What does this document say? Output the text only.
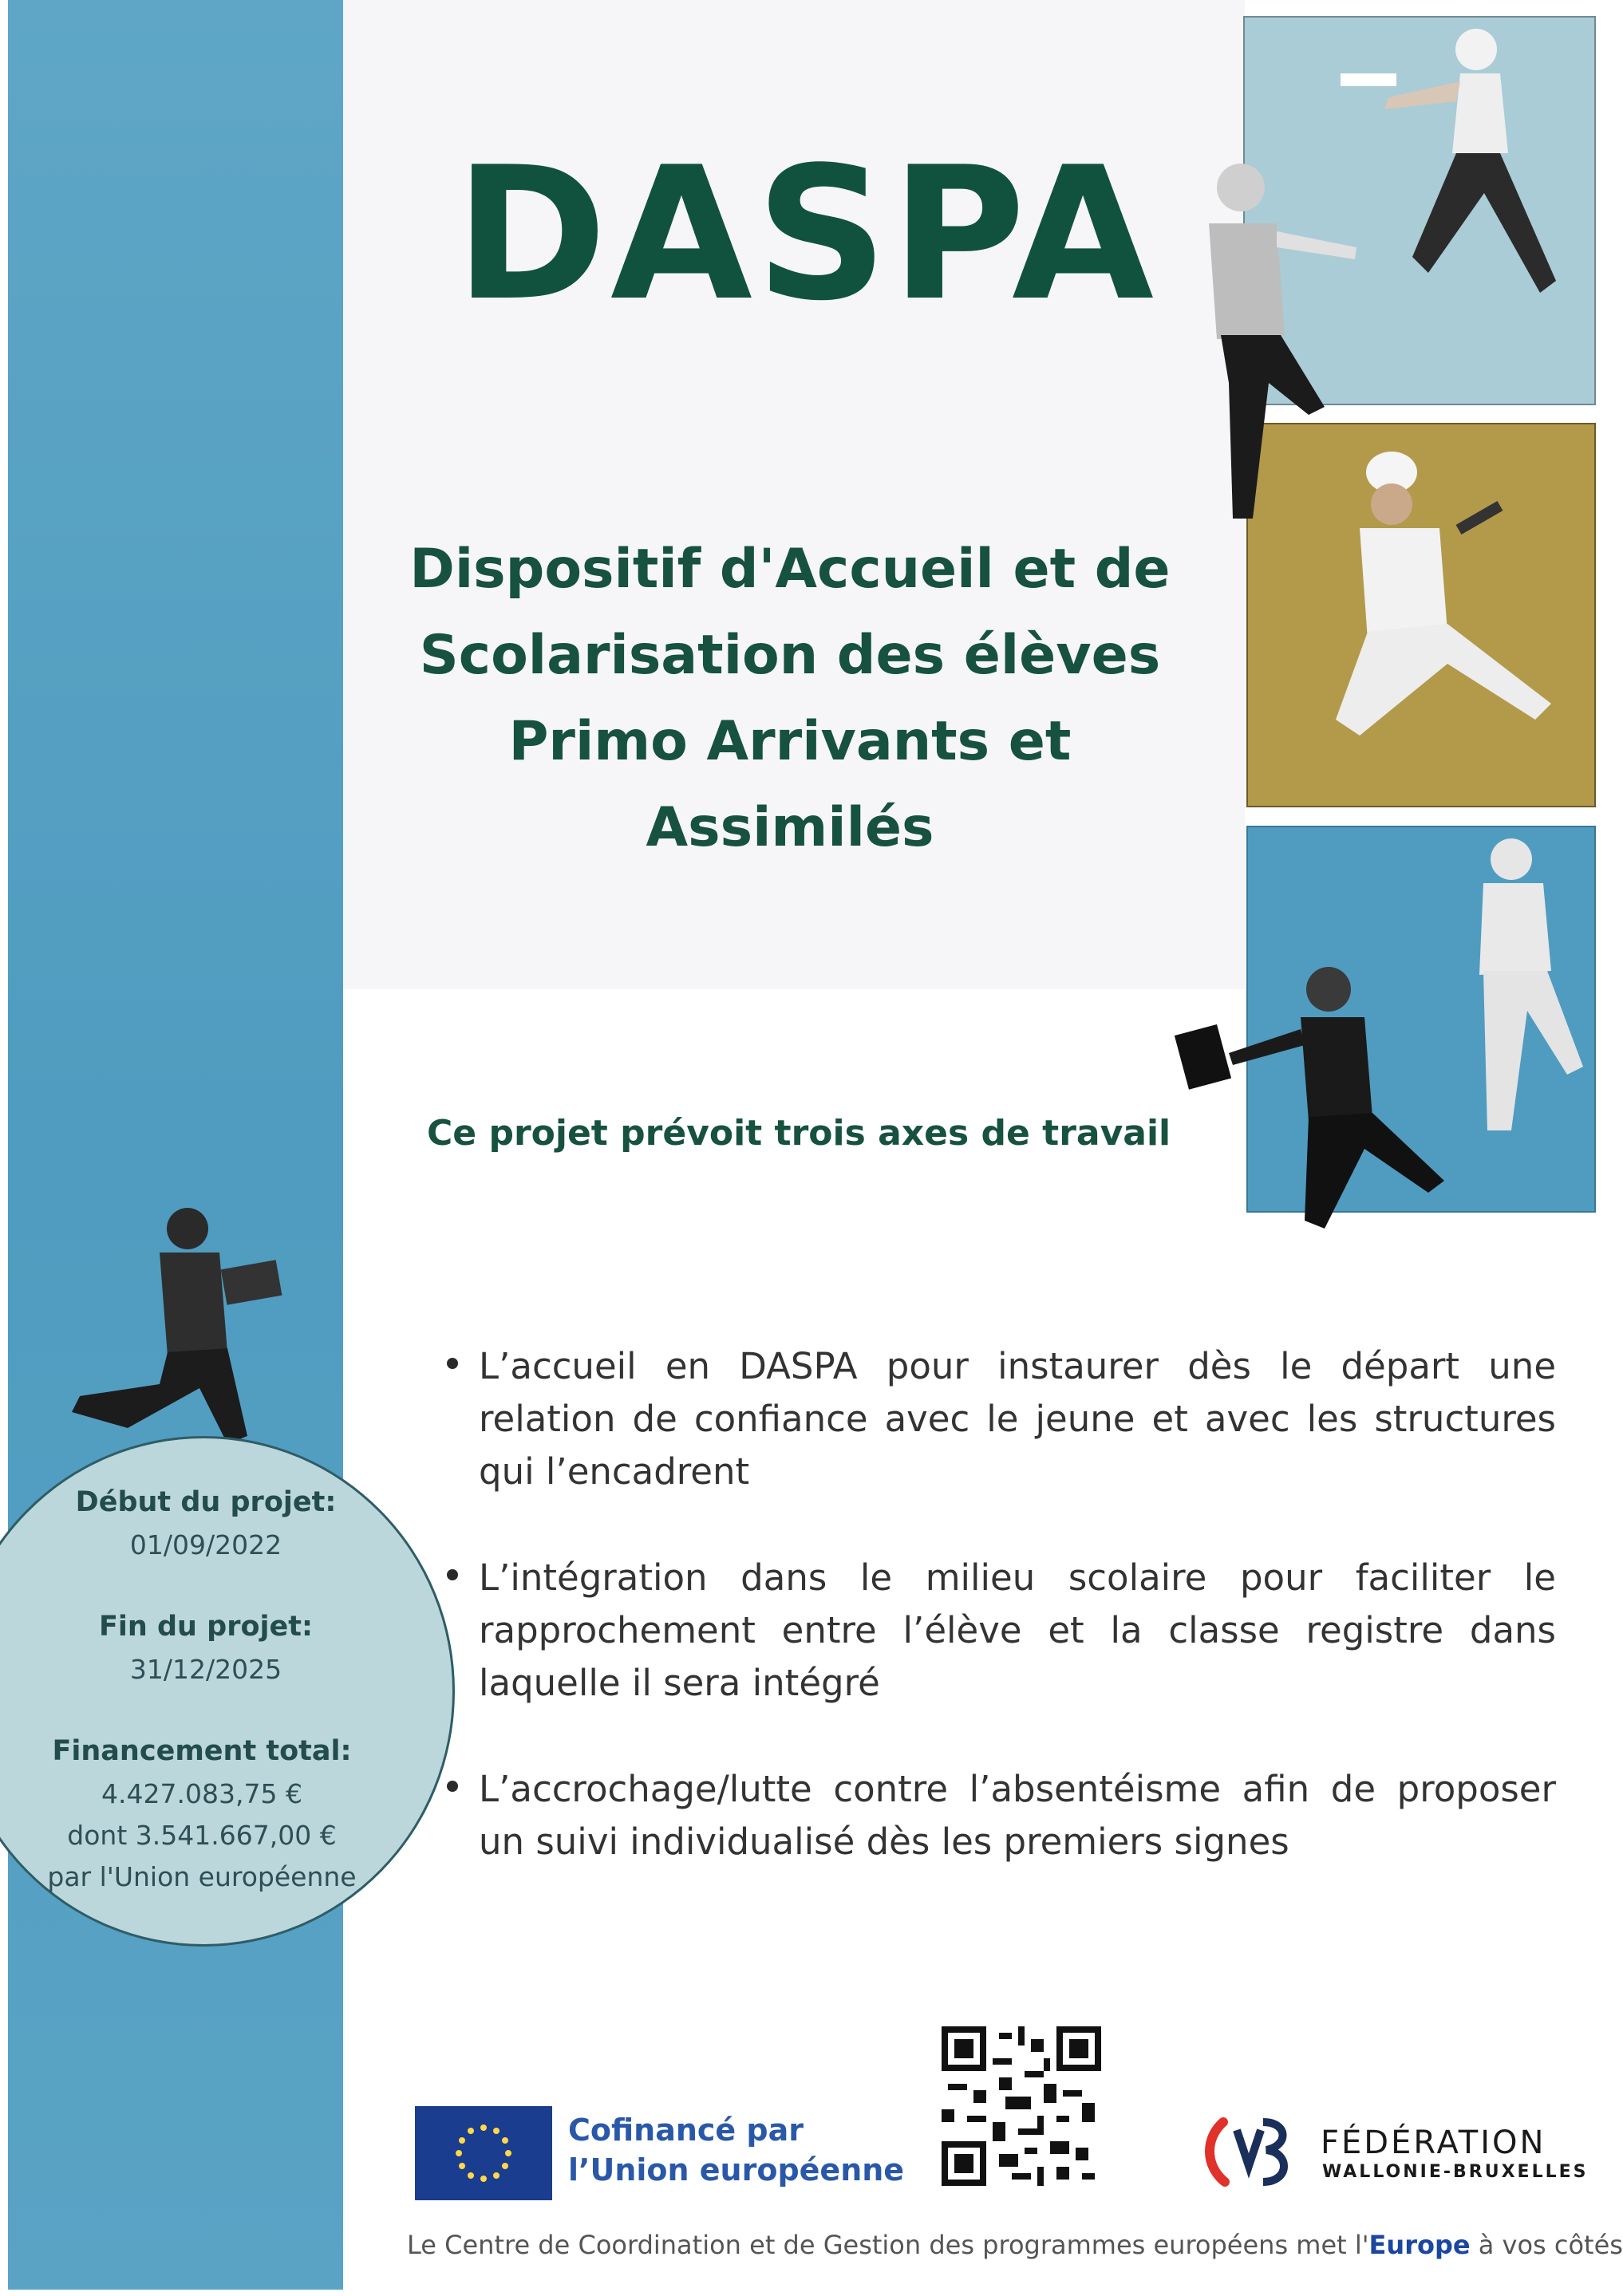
DASPA
Dispositif d'Accueil et de
Scolarisation des élèves
Primo Arrivants et
Assimilés
Ce projet prévoit trois axes de travail
Début du projet:
01/09/2022
Fin du projet:
31/12/2025
Financement total:
4.427.083,75 €
dont 3.541.667,00 €
par l'Union européenne
L’accueil en DASPA pour instaurer dès le départ une relation de confiance avec le jeune et avec les structures qui l’encadrent
L’intégration dans le milieu scolaire pour faciliter le rapprochement entre l’élève et la classe registre dans laquelle il sera intégré
L’accrochage/lutte contre l’absentéisme afin de proposer un suivi individualisé dès les premiers signes
Cofinancé par
l’Union européenne
FÉDÉRATION
WALLONIE-BRUXELLES
Le Centre de Coordination et de Gestion des programmes européens met l'Europe à vos côtés
